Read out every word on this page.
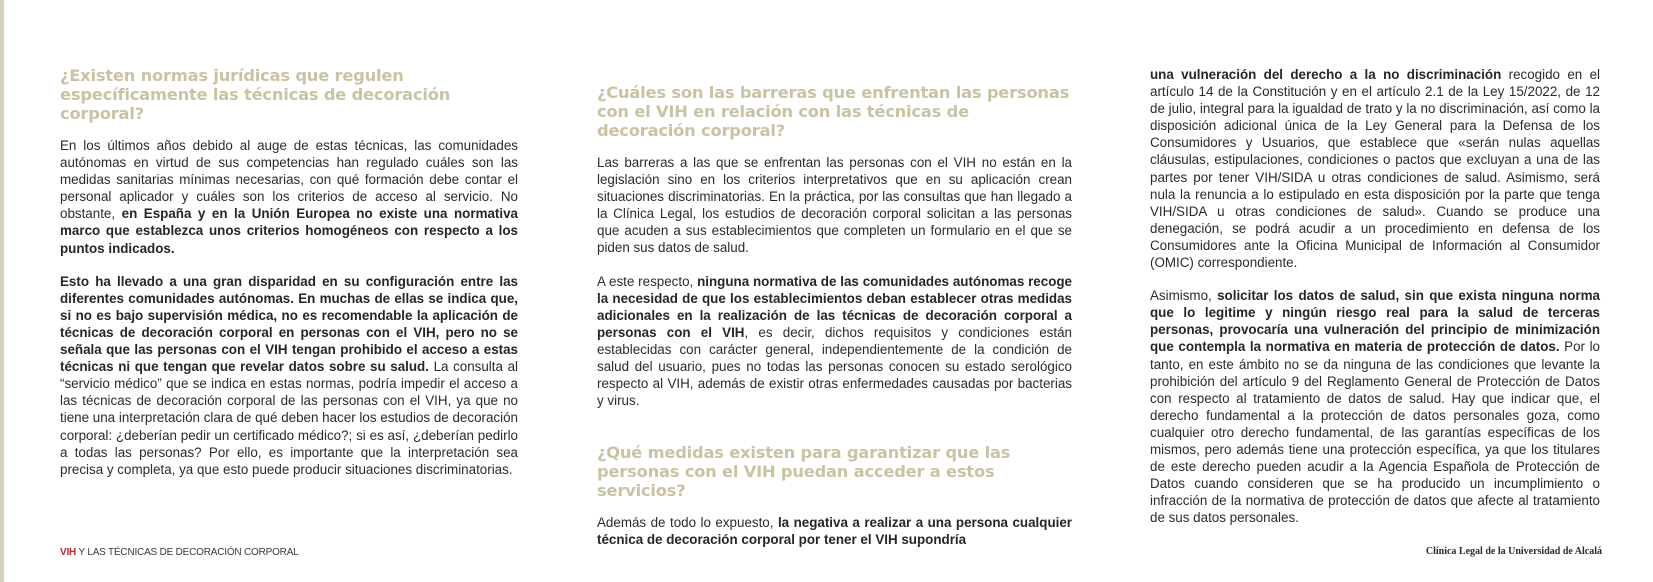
¿Existen normas jurídicas que regulen específicamente las técnicas de decoración corporal?

En los últimos años debido al auge de estas técnicas, las comunidades autónomas en virtud de sus competencias han regulado cuáles son las medidas sanitarias mínimas necesarias, con qué formación debe contar el personal aplicador y cuáles son los criterios de acceso al servicio. No obstante, en España y en la Unión Europea no existe una normativa marco que establezca unos criterios homogéneos con respecto a los puntos indicados.

Esto ha llevado a una gran disparidad en su configuración entre las diferentes comunidades autónomas. En muchas de ellas se indica que, si no es bajo supervisión médica, no es recomendable la aplicación de técnicas de decoración corporal en personas con el VIH, pero no se señala que las personas con el VIH tengan prohibido el acceso a estas técnicas ni que tengan que revelar datos sobre su salud. La consulta al “servicio médico” que se indica en estas normas, podría impedir el acceso a las técnicas de decoración corporal de las personas con el VIH, ya que no tiene una interpretación clara de qué deben hacer los estudios de decoración corporal: ¿deberían pedir un certificado médico?; si es así, ¿deberían pedirlo a todas las personas? Por ello, es importante que la interpretación sea precisa y completa, ya que esto puede producir situaciones discriminatorias.

¿Cuáles son las barreras que enfrentan las personas con el VIH en relación con las técnicas de decoración corporal?

Las barreras a las que se enfrentan las personas con el VIH no están en la legislación sino en los criterios interpretativos que en su aplicación crean situaciones discriminatorias. En la práctica, por las consultas que han llegado a la Clínica Legal, los estudios de decoración corporal solicitan a las personas que acuden a sus establecimientos que completen un formulario en el que se piden sus datos de salud.

A este respecto, ninguna normativa de las comunidades autónomas recoge la necesidad de que los establecimientos deban establecer otras medidas adicionales en la realización de las técnicas de decoración corporal a personas con el VIH, es decir, dichos requisitos y condiciones están establecidas con carácter general, independientemente de la condición de salud del usuario, pues no todas las personas conocen su estado serológico respecto al VIH, además de existir otras enfermedades causadas por bacterias y virus.

¿Qué medidas existen para garantizar que las personas con el VIH puedan acceder a estos servicios?

Además de todo lo expuesto, la negativa a realizar a una persona cualquier técnica de decoración corporal por tener el VIH supondría

una vulneración del derecho a la no discriminación recogido en el artículo 14 de la Constitución y en el artículo 2.1 de la Ley 15/2022, de 12 de julio, integral para la igualdad de trato y la no discriminación, así como la disposición adicional única de la Ley General para la Defensa de los Consumidores y Usuarios, que establece que «serán nulas aquellas cláusulas, estipulaciones, condiciones o pactos que excluyan a una de las partes por tener VIH/SIDA u otras condiciones de salud. Asimismo, será nula la renuncia a lo estipulado en esta disposición por la parte que tenga VIH/SIDA u otras condiciones de salud». Cuando se produce una denegación, se podrá acudir a un procedimiento en defensa de los Consumidores ante la Oficina Municipal de Información al Consumidor (OMIC) correspondiente.

Asimismo, solicitar los datos de salud, sin que exista ninguna norma que lo legitime y ningún riesgo real para la salud de terceras personas, provocaría una vulneración del principio de minimización que contempla la normativa en materia de protección de datos. Por lo tanto, en este ámbito no se da ninguna de las condiciones que levante la prohibición del artículo 9 del Reglamento General de Protección de Datos con respecto al tratamiento de datos de salud. Hay que indicar que, el derecho fundamental a la protección de datos personales goza, como cualquier otro derecho fundamental, de las garantías específicas de los mismos, pero además tiene una protección específica, ya que los titulares de este derecho pueden acudir a la Agencia Española de Protección de Datos cuando consideren que se ha producido un incumplimiento o infracción de la normativa de protección de datos que afecte al tratamiento de sus datos personales.

VIH Y LAS TÉCNICAS DE DECORACIÓN CORPORAL	Clínica Legal de la Universidad de Alcalá
